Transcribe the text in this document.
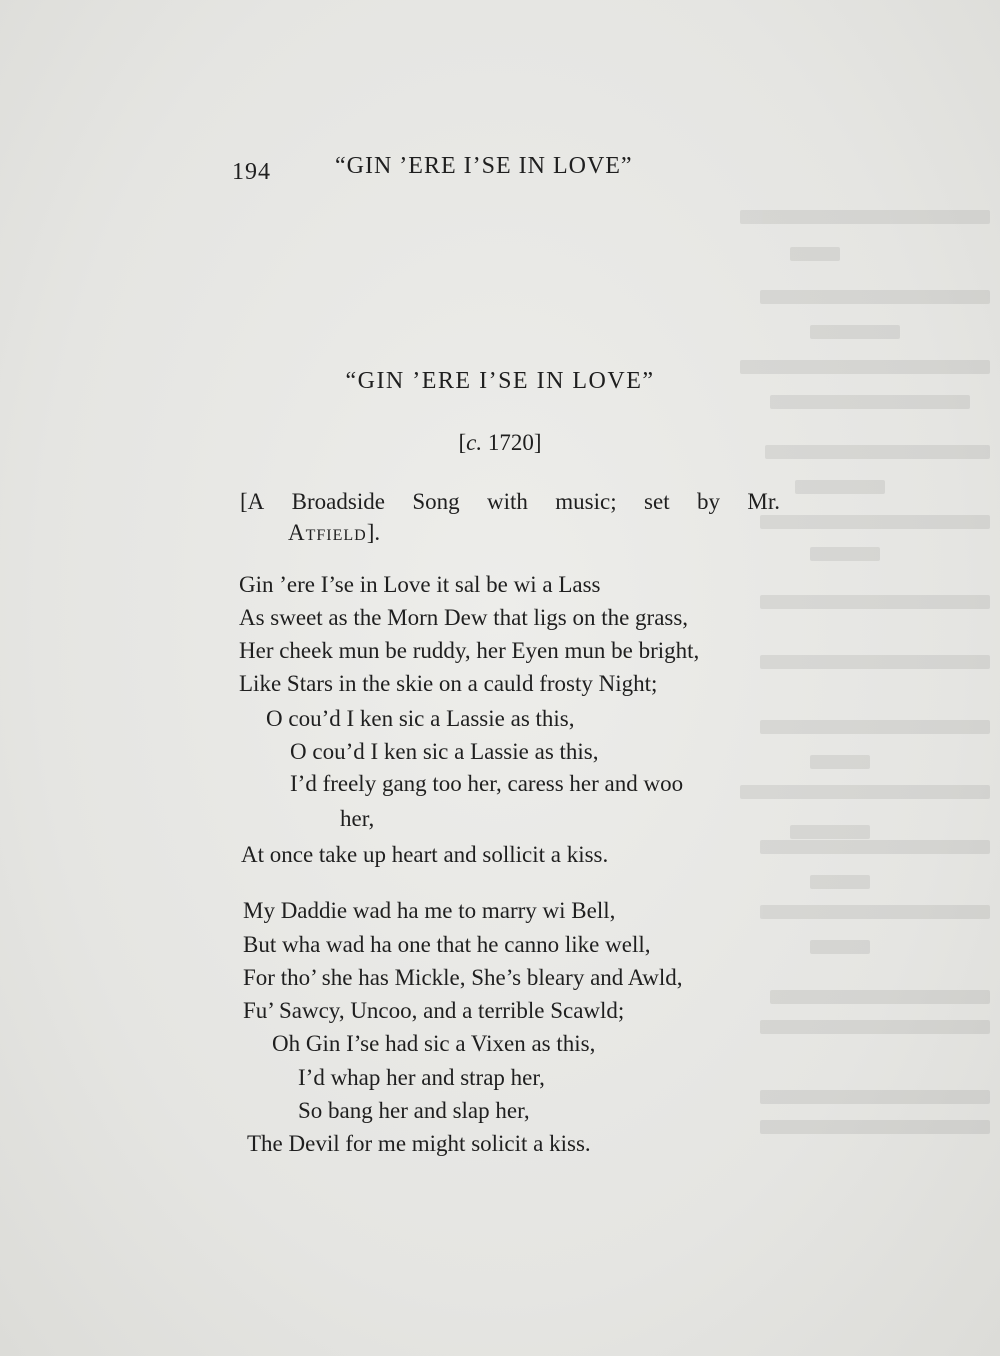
194	“GIN ’ERE I’SE IN LOVE”
“GIN ’ERE I’SE IN LOVE”
[c. 1720]
[A Broadside Song with music; set by Mr.
Atfield].
Gin ’ere I’se in Love it sal be wi a Lass
As sweet as the Morn Dew that ligs on the grass,
Her cheek mun be ruddy, her Eyen mun be bright,
Like Stars in the skie on a cauld frosty Night;
O cou’d I ken sic a Lassie as this,
O cou’d I ken sic a Lassie as this,
I’d freely gang too her, caress her and woo
her,
At once take up heart and sollicit a kiss.
My Daddie wad ha me to marry wi Bell,
But wha wad ha one that he canno like well,
For tho’ she has Mickle, She’s bleary and Awld,
Fu’ Sawcy, Uncoo, and a terrible Scawld;
Oh Gin I’se had sic a Vixen as this,
I’d whap her and strap her,
So bang her and slap her,
The Devil for me might solicit a kiss.
